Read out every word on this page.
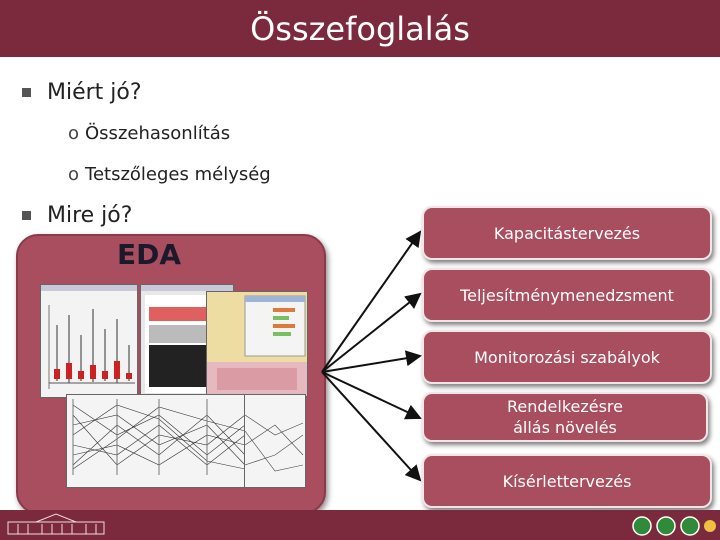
Összefoglalás
Miért jó?
o Összehasonlítás
o Tetszőleges mélység
Mire jó?
EDA
Kapacitástervezés
Teljesítménymenedzsment
Monitorozási szabályok
Rendelkezésre állás növelés
Kísérlettervezés
